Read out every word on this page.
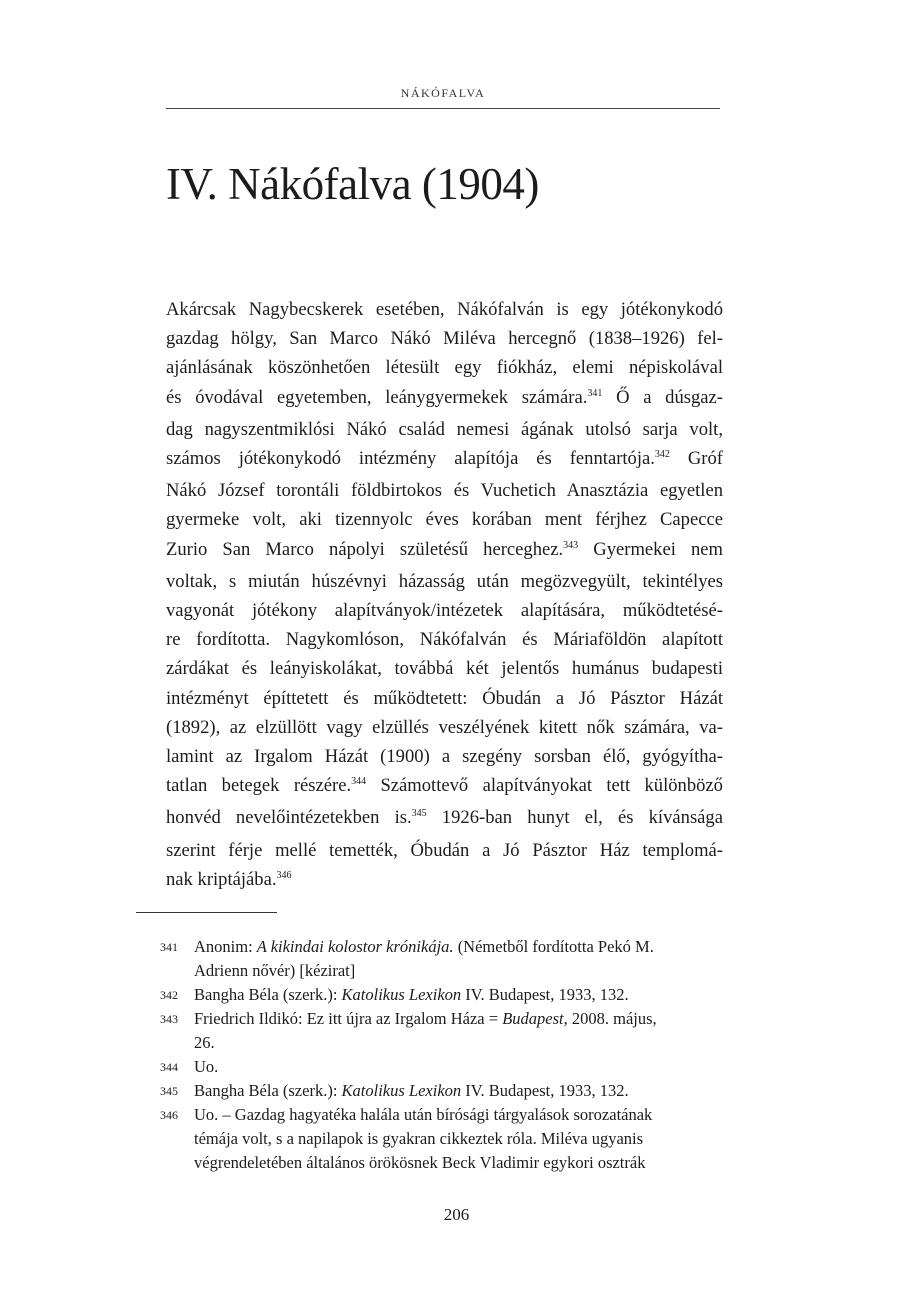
NÁKÓFALVA
IV. Nákófalva (1904)
Akárcsak Nagybecskerek esetében, Nákófalván is egy jótékonykodó
gazdag hölgy, San Marco Nákó Miléva hercegnő (1838–1926) fel-
ajánlásának köszönhetően létesült egy fiókház, elemi népiskolával
és óvodával egyetemben, leánygyermekek számára.$^{341}$ Ő a dúsgaz-
dag nagyszentmiklósi Nákó család nemesi ágának utolsó sarja volt,
számos jótékonykodó intézmény alapítója és fenntartója.$^{342}$ Gróf
Nákó József torontáli földbirtokos és Vuchetich Anasztázia egyetlen
gyermeke volt, aki tizennyolc éves korában ment férjhez Capecce
Zurio San Marco nápolyi születésű herceghez.$^{343}$ Gyermekei nem
voltak, s miután húszévnyi házasság után megözvegyült, tekintélyes
vagyonát jótékony alapítványok/intézetek alapítására, működtetésé-
re fordította. Nagykomlóson, Nákófalván és Máriaföldön alapított
zárdákat és leányiskolákat, továbbá két jelentős humánus budapesti
intézményt építtetett és működtetett: Óbudán a Jó Pásztor Házát
(1892), az elzüllött vagy elzüllés veszélyének kitett nők számára, va-
lamint az Irgalom Házát (1900) a szegény sorsban élő, gyógyítha-
tatlan betegek részére.$^{344}$ Számottevő alapítványokat tett különböző
honvéd nevelőintézetekben is.$^{345}$ 1926-ban hunyt el, és kívánsága
szerint férje mellé temették, Óbudán a Jó Pásztor Ház templomá-
nak kriptájába.$^{346}$
341 Anonim: A kikindai kolostor krónikája. (Németből fordította Pekó M.
Adrienn nővér) [kézirat]
342 Bangha Béla (szerk.): Katolikus Lexikon IV. Budapest, 1933, 132.
343 Friedrich Ildikó: Ez itt újra az Irgalom Háza = Budapest, 2008. május,
26.
344 Uo.
345 Bangha Béla (szerk.): Katolikus Lexikon IV. Budapest, 1933, 132.
346 Uo. – Gazdag hagyatéka halála után bírósági tárgyalások sorozatának
témája volt, s a napilapok is gyakran cikkeztek róla. Miléva ugyanis
végrendeletében általános örökösnek Beck Vladimir egykori osztrák
206
